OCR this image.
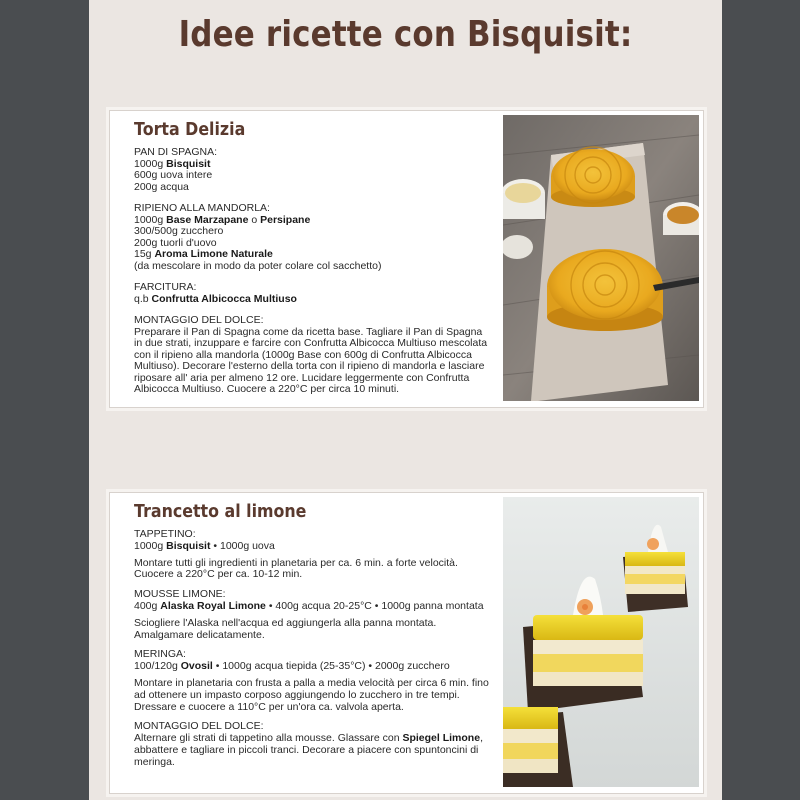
Idee ricette con Bisquisit:
Torta Delizia
PAN DI SPAGNA:
1000g Bisquisit
600g uova intere
200g acqua
RIPIENO ALLA MANDORLA:
1000g Base Marzapane o Persipane
300/500g zucchero
200g tuorli d'uovo
15g Aroma Limone Naturale
(da mescolare in modo da poter colare col sacchetto)
FARCITURA:
q.b Confrutta Albicocca Multiuso
MONTAGGIO DEL DOLCE:
Preparare il Pan di Spagna come da ricetta base. Tagliare il Pan di Spagna in due strati, inzuppare e farcire con Confrutta Albicocca Multiuso mescolata con il ripieno alla mandorla (1000g Base con 600g di Confrutta Albicocca Multiuso). Decorare l'esterno della torta con il ripieno di mandorla e lasciare riposare all' aria per almeno 12 ore. Lucidare leggermente con Confrutta Albicocca Multiuso. Cuocere a 220°C per circa 10 minuti.
Trancetto al limone
TAPPETINO:
1000g Bisquisit • 1000g uova
Montare tutti gli ingredienti in planetaria per ca. 6 min. a forte velocità. Cuocere a 220°C per ca. 10-12 min.
MOUSSE LIMONE:
400g Alaska Royal Limone • 400g acqua 20-25°C • 1000g panna montata
Sciogliere l'Alaska nell'acqua ed aggiungerla alla panna montata. Amalgamare delicatamente.
MERINGA:
100/120g Ovosil • 1000g acqua tiepida (25-35°C) • 2000g zucchero
Montare in planetaria con frusta a palla a media velocità per circa 6 min. fino ad ottenere un impasto corposo aggiungendo lo zucchero in tre tempi. Dressare e cuocere a 110°C per un'ora ca. valvola aperta.
MONTAGGIO DEL DOLCE:
Alternare gli strati di tappetino alla mousse. Glassare con Spiegel Limone, abbattere e tagliare in piccoli tranci. Decorare a piacere con spuntoncini di meringa.
